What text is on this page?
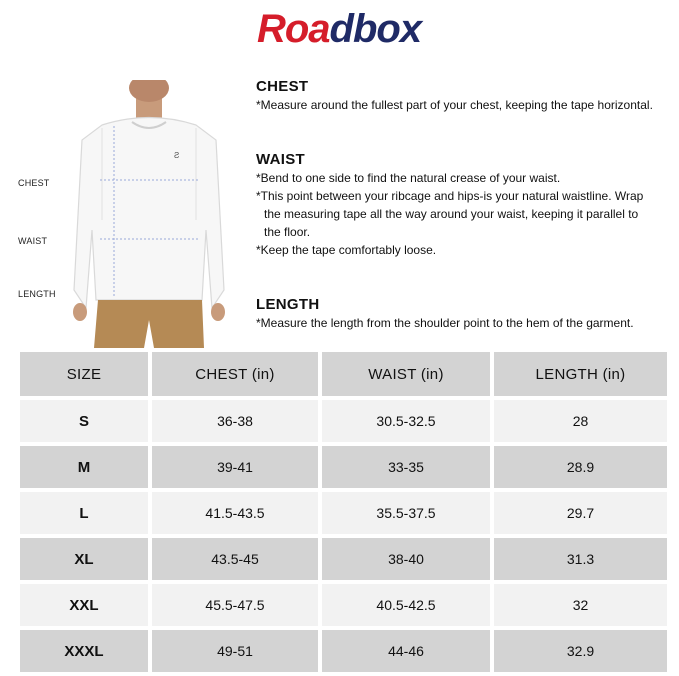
Roadbox
Ƨ
CHEST
WAIST
LENGTH
CHEST

*Measure around the fullest part of your chest, keeping the tape horizontal.

WAIST

*Bend to one side to find the natural crease of your waist.

*This point between your ribcage and hips-is your natural waistline. Wrap

the measuring tape all the way around your waist, keeping it parallel to

the floor.

*Keep the tape comfortably loose.

LENGTH

*Measure the length from the shoulder point to the hem of the garment.

SIZE	CHEST (in)	WAIST (in)	LENGTH (in)
S	36-38	30.5-32.5	28
M	39-41	33-35	28.9
L	41.5-43.5	35.5-37.5	29.7
XL	43.5-45	38-40	31.3
XXL	45.5-47.5	40.5-42.5	32
XXXL	49-51	44-46	32.9
